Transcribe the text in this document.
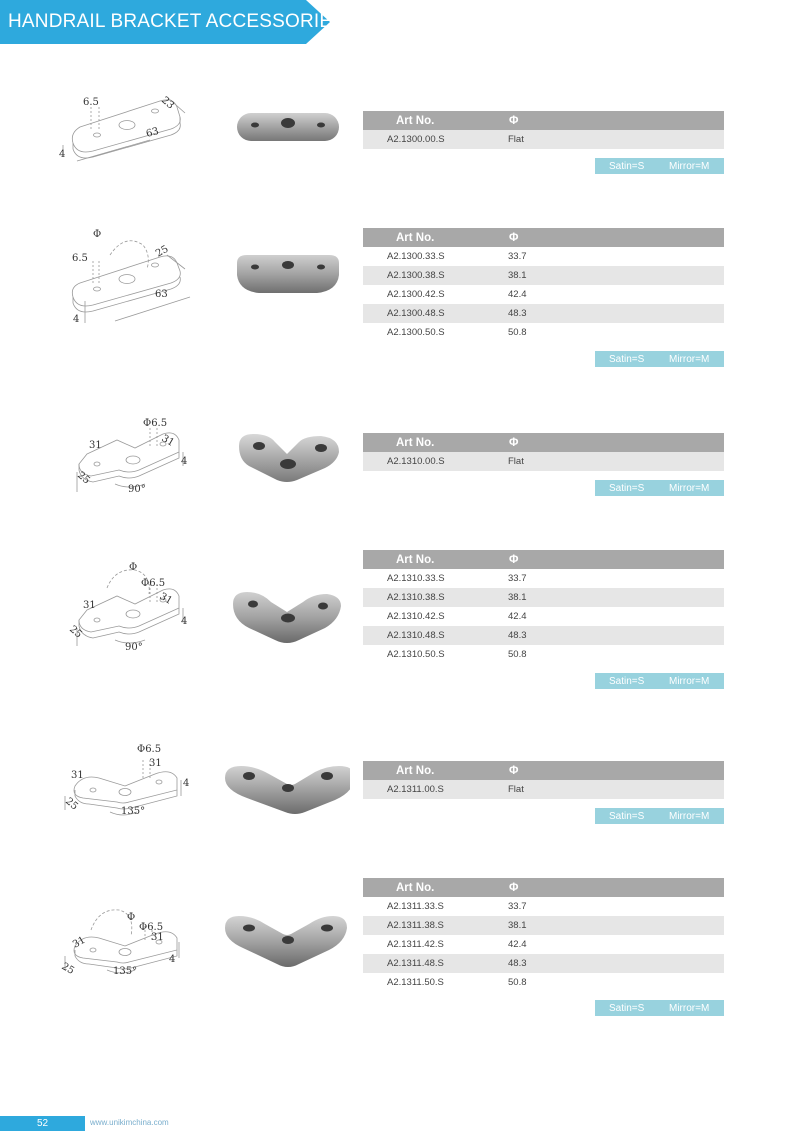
HANDRAIL BRACKET ACCESSORIES
6.5	23
63
4
Art No.	Φ
A2.1300.00.S	Flat
Satin=S Mirror=M
Φ
6.5	25
63
4
Art No.	Φ
A2.1300.33.S	33.7
A2.1300.38.S	38.1
A2.1300.42.S	42.4
A2.1300.48.S	48.3
A2.1300.50.S	50.8
Satin=S Mirror=M
Φ6.5
31	31
25
4
90°
Art No.	Φ
A2.1310.00.S	Flat
Satin=S Mirror=M
Φ
Φ6.5
31	31
25
4
90°
Art No.	Φ
A2.1310.33.S	33.7
A2.1310.38.S	38.1
A2.1310.42.S	42.4
A2.1310.48.S	48.3
A2.1310.50.S	50.8
Satin=S Mirror=M
Φ6.5
31
31
25
4
135°
Art No.	Φ
A2.1311.00.S	Flat
Satin=S Mirror=M
Φ
Φ6.5
31	31
25
4
135°
Art No.	Φ
A2.1311.33.S	33.7
A2.1311.38.S	38.1
A2.1311.42.S	42.4
A2.1311.48.S	48.3
A2.1311.50.S	50.8
Satin=S Mirror=M
52	www.unikimchina.com
